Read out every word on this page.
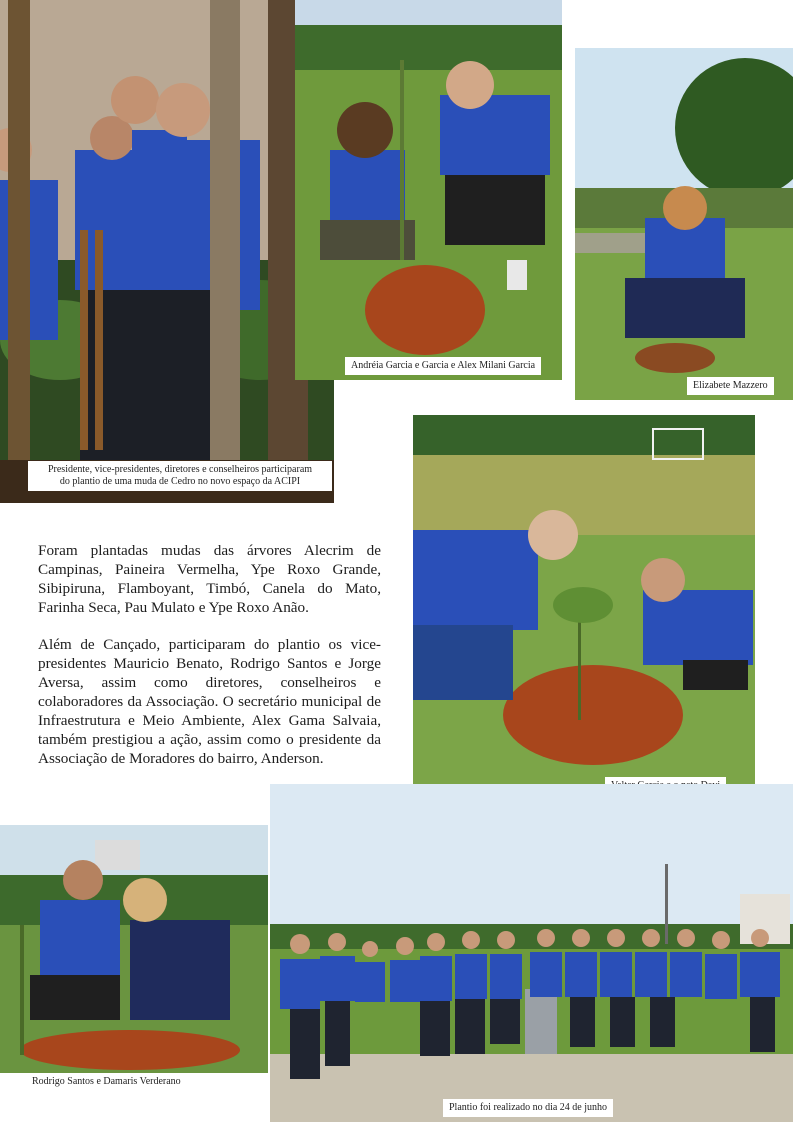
Presidente, vice-presidentes, diretores e conselheiros participaram
do plantio de uma muda de Cedro no novo espaço da ACIPI
Andréia Garcia e Garcia e Alex Milani Garcia
Elizabete Mazzero

Foram plantadas mudas das árvores Alecrim de Campinas, Paineira Vermelha, Ype Roxo Grande, Sibipiruna, Flamboyant, Timbó, Canela do Mato, Farinha Seca, Pau Mulato e Ype Roxo Anão.

Além de Cançado, participaram do plantio os vice-presidentes Mauricio Benato, Rodrigo Santos e Jorge Aversa, assim como diretores, conselheiros e colaboradores da Associação. O secretário municipal de Infraestrutura e Meio Ambiente, Alex Gama Salvaia, também prestigiou a ação, assim como o presidente da Associação de Moradores do bairro, Anderson.

Rodrigo Santos e Damaris Verderano
Plantio foi realizado no dia 24 de junho
